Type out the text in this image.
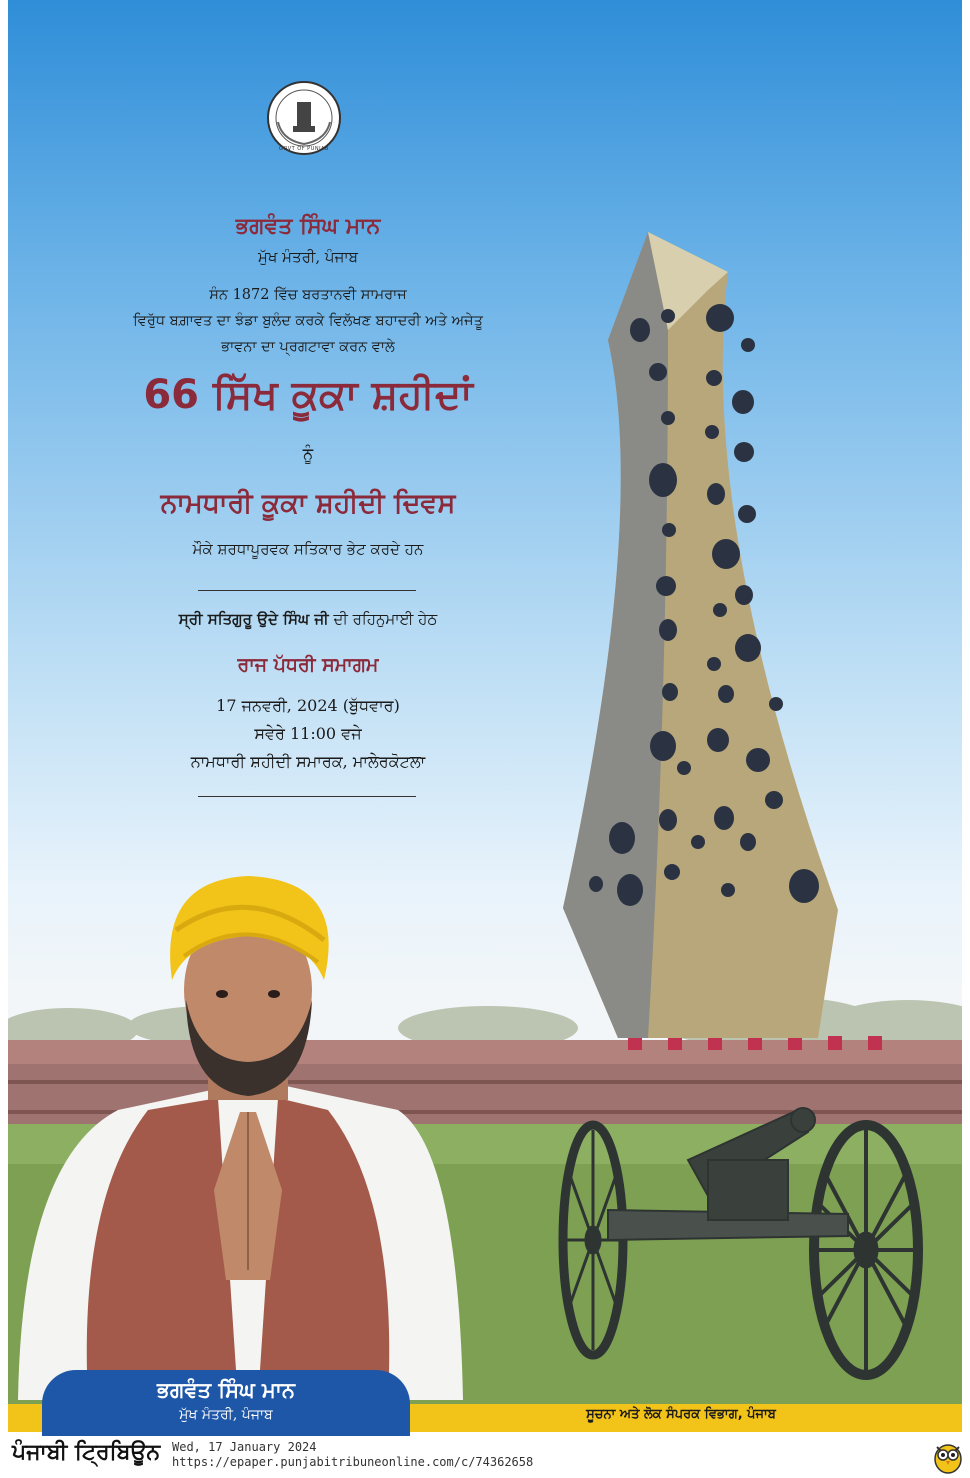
GOVT OF PUNJAB
ਭਗਵੰਤ ਸਿੰਘ ਮਾਨ
ਮੁੱਖ ਮੰਤਰੀ, ਪੰਜਾਬ
ਸੰਨ 1872 ਵਿੱਚ ਬਰਤਾਨਵੀ ਸਾਮਰਾਜ
ਵਿਰੁੱਧ ਬਗ਼ਾਵਤ ਦਾ ਝੰਡਾ ਬੁਲੰਦ ਕਰਕੇ ਵਿਲੱਖਣ ਬਹਾਦਰੀ ਅਤੇ ਅਜੇਤੂ
ਭਾਵਨਾ ਦਾ ਪ੍ਰਗਟਾਵਾ ਕਰਨ ਵਾਲੇ
66 ਸਿੱਖ ਕੂਕਾ ਸ਼ਹੀਦਾਂ
ਨੂੰ
ਨਾਮਧਾਰੀ ਕੂਕਾ ਸ਼ਹੀਦੀ ਦਿਵਸ
ਮੌਕੇ ਸ਼ਰਧਾਪੂਰਵਕ ਸਤਿਕਾਰ ਭੇਟ ਕਰਦੇ ਹਨ
ਸ੍ਰੀ ਸਤਿਗੁਰੂ ਉਦੇ ਸਿੰਘ ਜੀ ਦੀ ਰਹਿਨੁਮਾਈ ਹੇਠ
ਰਾਜ ਪੱਧਰੀ ਸਮਾਗਮ
17 ਜਨਵਰੀ, 2024 (ਬੁੱਧਵਾਰ)
ਸਵੇਰੇ 11:00 ਵਜੇ
ਨਾਮਧਾਰੀ ਸ਼ਹੀਦੀ ਸਮਾਰਕ, ਮਾਲੇਰਕੋਟਲਾ
ਸੂਚਨਾ ਅਤੇ ਲੋਕ ਸੰਪਰਕ ਵਿਭਾਗ, ਪੰਜਾਬ
ਭਗਵੰਤ ਸਿੰਘ ਮਾਨ
ਮੁੱਖ ਮੰਤਰੀ, ਪੰਜਾਬ
ਪੰਜਾਬੀ ਟ੍ਰਿਬਿਊਨ Wed, 17 January 2024
https://epaper.punjabitribuneonline.com/c/74362658
